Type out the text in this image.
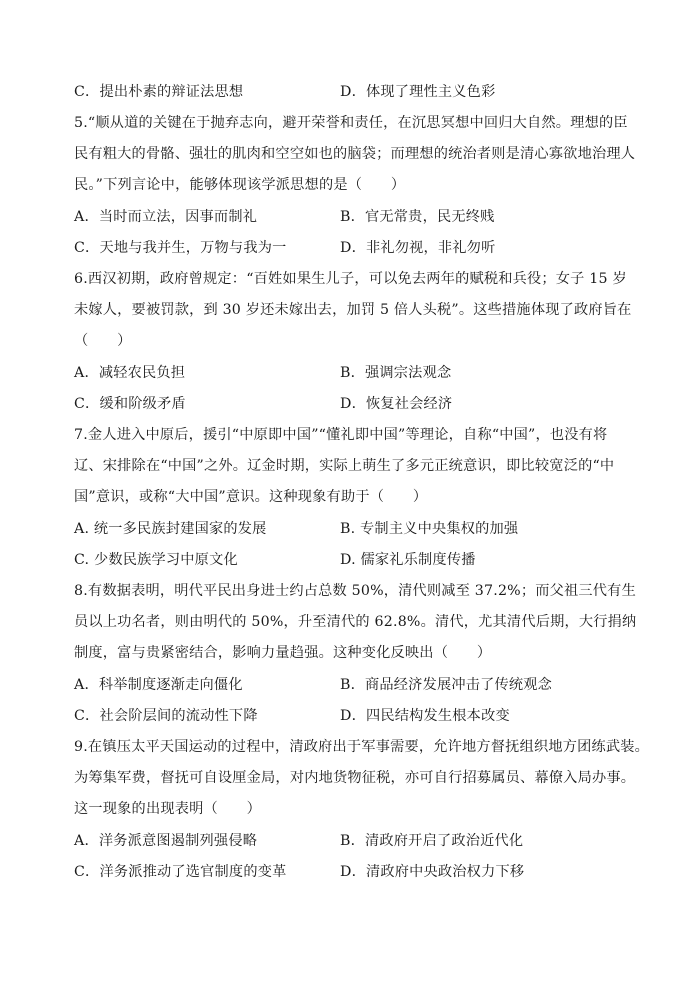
C．提出朴素的辩证法思想	D．体现了理性主义色彩
5.“顺从道的关键在于抛弃志向，避开荣誉和责任，在沉思冥想中回归大自然。理想的臣
民有粗大的骨骼、强壮的肌肉和空空如也的脑袋；而理想的统治者则是清心寡欲地治理人
民。”下列言论中，能够体现该学派思想的是（　　）
A．当时而立法，因事而制礼	B．官无常贵，民无终贱
C．天地与我并生，万物与我为一	D．非礼勿视，非礼勿听
6.西汉初期，政府曾规定：“百姓如果生儿子，可以免去两年的赋税和兵役；女子 15 岁
未嫁人，要被罚款，到 30 岁还未嫁出去，加罚 5 倍人头税”。这些措施体现了政府旨在
（　　）
A．减轻农民负担	B．强调宗法观念
C．缓和阶级矛盾	D．恢复社会经济
7.金人进入中原后，援引“中原即中国”“懂礼即中国”等理论，自称“中国”，也没有将
辽、宋排除在“中国”之外。辽金时期，实际上萌生了多元正统意识，即比较宽泛的“中
国”意识，或称“大中国”意识。这种现象有助于（　　）
A. 统一多民族封建国家的发展	B. 专制主义中央集权的加强
C. 少数民族学习中原文化	D. 儒家礼乐制度传播
8.有数据表明，明代平民出身进士约占总数 50%，清代则减至 37.2%；而父祖三代有生
员以上功名者，则由明代的 50%，升至清代的 62.8%。清代，尤其清代后期，大行捐纳
制度，富与贵紧密结合，影响力量趋强。这种变化反映出（　　）
A．科举制度逐渐走向僵化	B．商品经济发展冲击了传统观念
C．社会阶层间的流动性下降	D．四民结构发生根本改变
9.在镇压太平天国运动的过程中，清政府出于军事需要，允许地方督抚组织地方团练武装。
为筹集军费，督抚可自设厘金局，对内地货物征税，亦可自行招募属员、幕僚入局办事。
这一现象的出现表明（　　）
A．洋务派意图遏制列强侵略	B．清政府开启了政治近代化
C．洋务派推动了选官制度的变革	D．清政府中央政治权力下移
